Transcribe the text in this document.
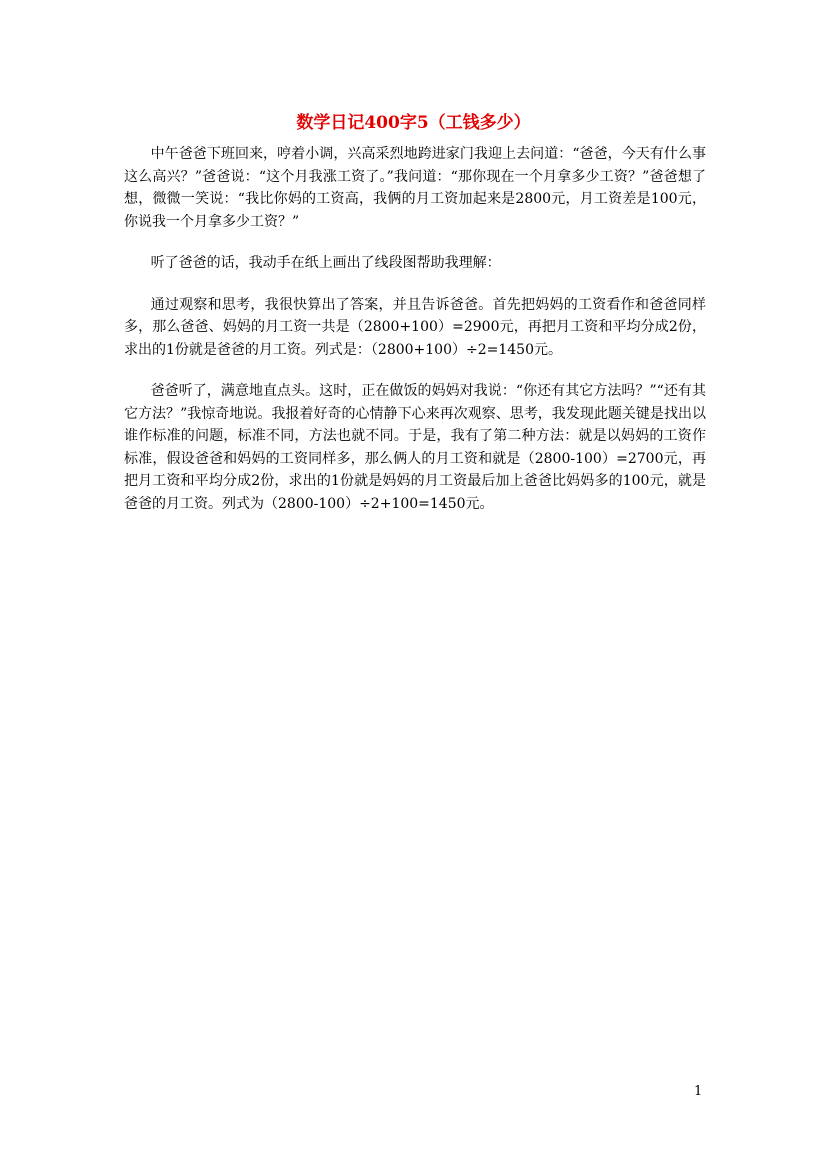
数学日记400字5（工钱多少）

中午爸爸下班回来，哼着小调，兴高采烈地跨进家门我迎上去问道：“爸爸，今天有什么事这么高兴？”爸爸说：“这个月我涨工资了。”我问道：“那你现在一个月拿多少工资？”爸爸想了想，微微一笑说：“我比你妈的工资高，我俩的月工资加起来是2800元，月工资差是100元，你说我一个月拿多少工资？”

听了爸爸的话，我动手在纸上画出了线段图帮助我理解：

通过观察和思考，我很快算出了答案，并且告诉爸爸。首先把妈妈的工资看作和爸爸同样多，那么爸爸、妈妈的月工资一共是（2800+100）=2900元，再把月工资和平均分成2份，求出的1份就是爸爸的月工资。列式是：（2800+100）÷2=1450元。

爸爸听了，满意地直点头。这时，正在做饭的妈妈对我说：“你还有其它方法吗？”“还有其它方法？”我惊奇地说。我报着好奇的心情静下心来再次观察、思考，我发现此题关键是找出以谁作标准的问题，标准不同，方法也就不同。于是，我有了第二种方法：就是以妈妈的工资作标准，假设爸爸和妈妈的工资同样多，那么俩人的月工资和就是（2800-100）=2700元，再把月工资和平均分成2份，求出的1份就是妈妈的月工资最后加上爸爸比妈妈多的100元，就是爸爸的月工资。列式为（2800-100）÷2+100=1450元。

1
